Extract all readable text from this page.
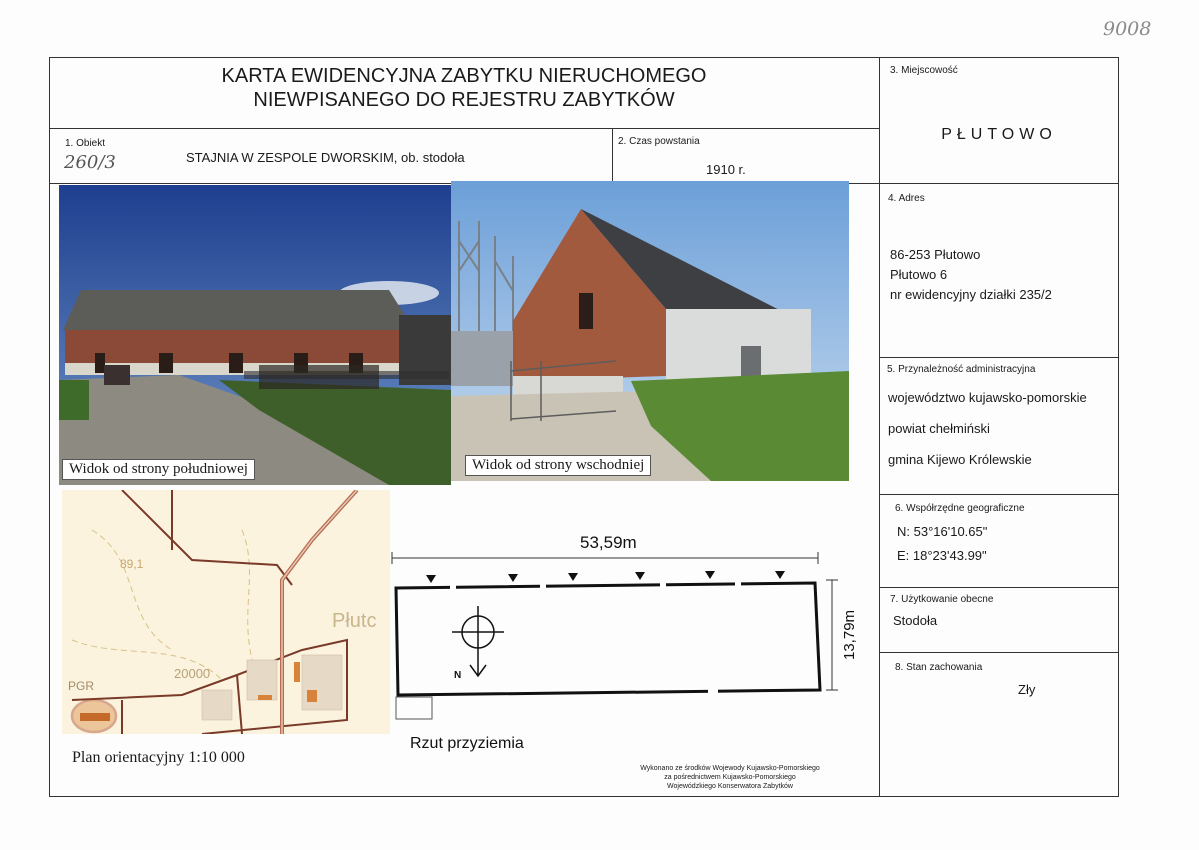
9008
KARTA EWIDENCYJNA ZABYTKU NIERUCHOMEGO
NIEWPISANEGO DO REJESTRU ZABYTKÓW
1. Obiekt
260/3	STAJNIA W ZESPOLE DWORSKIM, ob. stodoła
2. Czas powstania
1910 r.
3. Miejscowość
PŁUTOWO
4. Adres
86-253 Płutowo
Płutowo 6
nr ewidencyjny działki 235/2
5. Przynależność administracyjna
województwo kujawsko-pomorskie
powiat chełmiński
gmina Kijewo Królewskie
6. Współrzędne geograficzne
N: 53°16'10.65"
E: 18°23'43.99"
7. Użytkowanie obecne
Stodoła
8. Stan zachowania
Zły
Widok od strony południowej	Widok od strony wschodniej
89,1
20000
Płutc
PGR
Plan orientacyjny 1:10 000
53,59m
13,79m
N
Rzut przyziemia
Wykonano ze środków Wojewody Kujawsko-Pomorskiego
za pośrednictwem Kujawsko-Pomorskiego
Wojewódzkiego Konserwatora Zabytków
